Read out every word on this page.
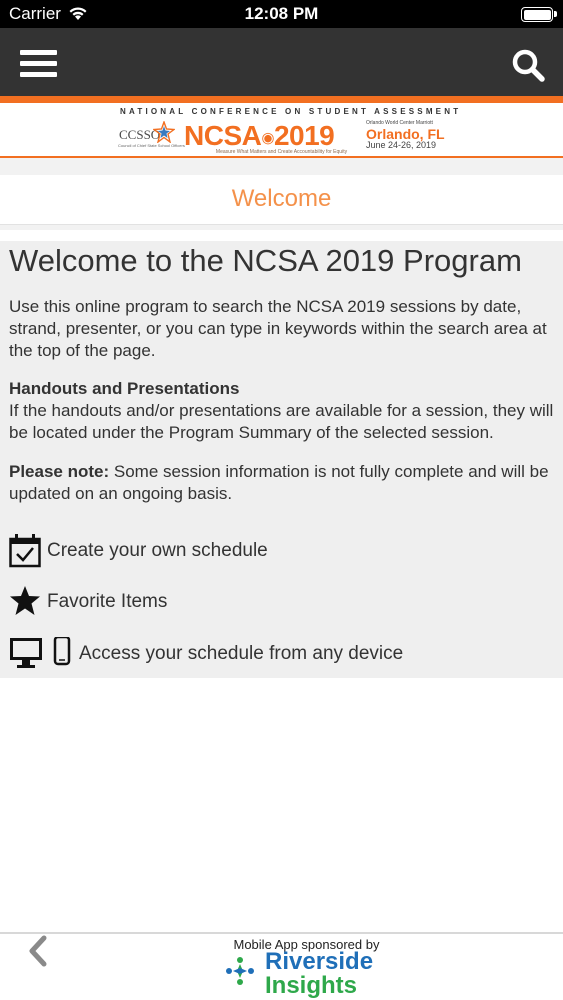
Carrier	12:08 PM
NATIONAL CONFERENCE ON STUDENT ASSESSMENT
CCSSO
Council of Chief State School Officers NCSA◉2019	Orlando World Center Marriott
Orlando, FL
June 24-26, 2019
Measure What Matters and Create Accountability for Equity
Welcome
Welcome to the NCSA 2019 Program

Use this online program to search the NCSA 2019 sessions by date, strand, presenter, or you can type in keywords within the search area at the top of the page.

Handouts and Presentations
If the handouts and/or presentations are available for a session, they will be located under the Program Summary of the selected session.

Please note: Some session information is not fully complete and will be updated on an ongoing basis.

Create your own schedule
Favorite Items
Access your schedule from any device
Mobile App sponsored by
Riverside
Insights
